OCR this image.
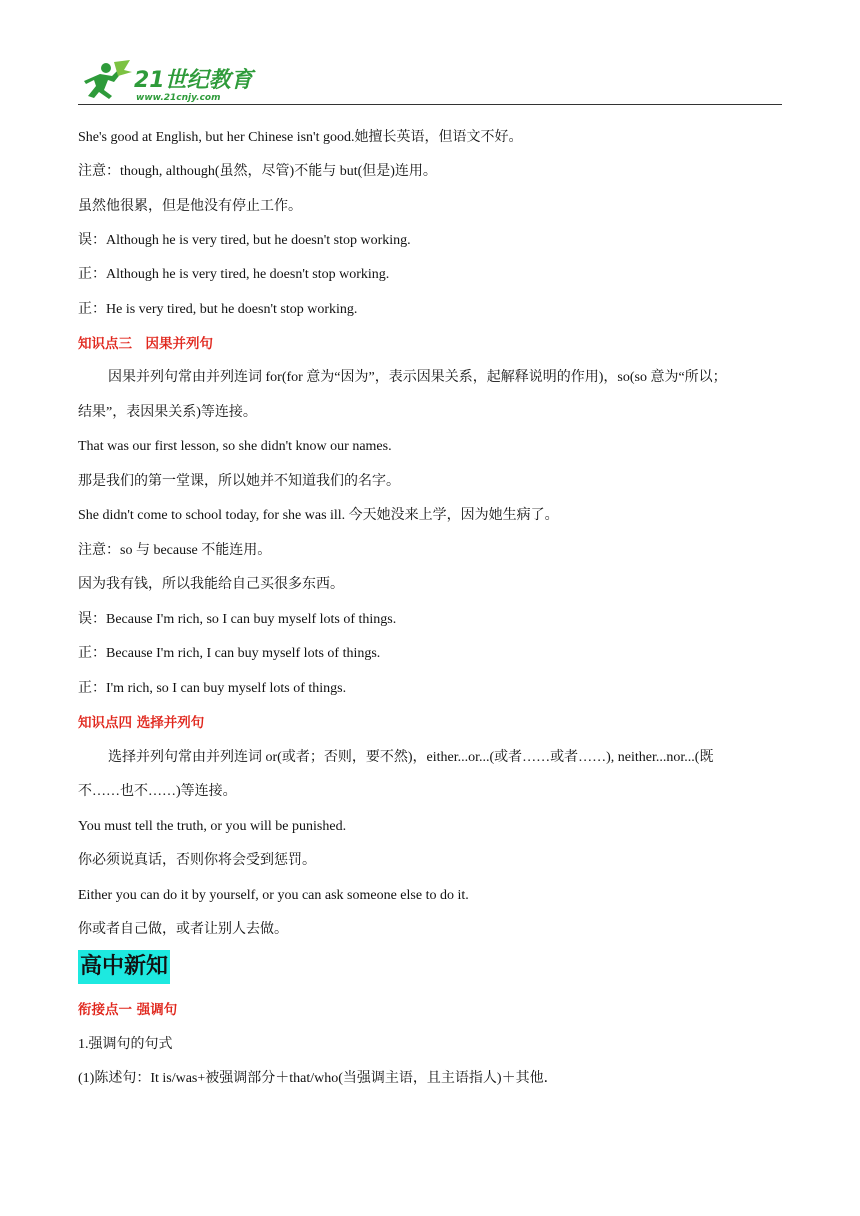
21世纪教育
www.21cnjy.com
She's good at English, but her Chinese isn't good.她擅长英语，但语文不好。
注意：though, although(虽然，尽管)不能与 but(但是)连用。
虽然他很累，但是他没有停止工作。
误：Although he is very tired, but he doesn't stop working.
正：Although he is very tired, he doesn't stop working.
正：He is very tired, but he doesn't stop working.
知识点三　因果并列句
因果并列句常由并列连词 for(for 意为“因为”，表示因果关系，起解释说明的作用)，so(so 意为“所以；
结果”，表因果关系)等连接。
That was our first lesson, so she didn't know our names.
那是我们的第一堂课，所以她并不知道我们的名字。
She didn't come to school today, for she was ill. 今天她没来上学，因为她生病了。
注意：so 与 because 不能连用。
因为我有钱，所以我能给自己买很多东西。
误：Because I'm rich, so I can buy myself lots of things.
正：Because I'm rich, I can buy myself lots of things.
正：I'm rich, so I can buy myself lots of things.
知识点四 选择并列句
选择并列句常由并列连词 or(或者；否则，要不然)，either...or...(或者……或者……), neither...nor...(既
不……也不……)等连接。
You must tell the truth, or you will be punished.
你必须说真话，否则你将会受到惩罚。
Either you can do it by yourself, or you can ask someone else to do it.
你或者自己做，或者让别人去做。
高中新知
衔接点一 强调句
1.强调句的句式
(1)陈述句：It is/was+被强调部分＋that/who(当强调主语，且主语指人)＋其他．
